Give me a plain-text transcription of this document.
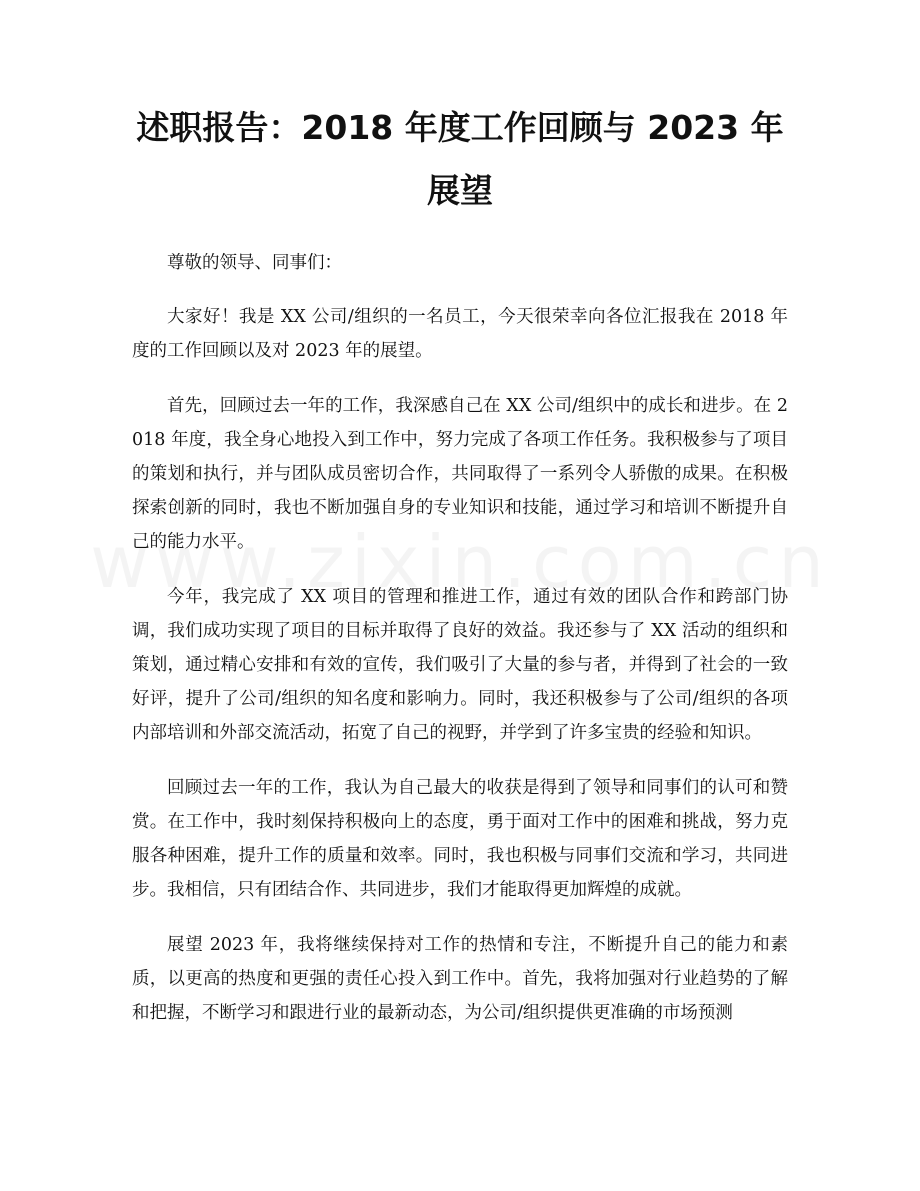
述职报告：2018 年度工作回顾与 2023 年展望

尊敬的领导、同事们：

大家好！我是 XX 公司/组织的一名员工，今天很荣幸向各位汇报我在 2018 年度的工作回顾以及对 2023 年的展望。

首先，回顾过去一年的工作，我深感自己在 XX 公司/组织中的成长和进步。在 2018 年度，我全身心地投入到工作中，努力完成了各项工作任务。我积极参与了项目的策划和执行，并与团队成员密切合作，共同取得了一系列令人骄傲的成果。在积极探索创新的同时，我也不断加强自身的专业知识和技能，通过学习和培训不断提升自己的能力水平。

今年，我完成了 XX 项目的管理和推进工作，通过有效的团队合作和跨部门协调，我们成功实现了项目的目标并取得了良好的效益。我还参与了 XX 活动的组织和策划，通过精心安排和有效的宣传，我们吸引了大量的参与者，并得到了社会的一致好评，提升了公司/组织的知名度和影响力。同时，我还积极参与了公司/组织的各项内部培训和外部交流活动，拓宽了自己的视野，并学到了许多宝贵的经验和知识。

回顾过去一年的工作，我认为自己最大的收获是得到了领导和同事们的认可和赞赏。在工作中，我时刻保持积极向上的态度，勇于面对工作中的困难和挑战，努力克服各种困难，提升工作的质量和效率。同时，我也积极与同事们交流和学习，共同进步。我相信，只有团结合作、共同进步，我们才能取得更加辉煌的成就。

展望 2023 年，我将继续保持对工作的热情和专注，不断提升自己的能力和素质，以更高的热度和更强的责任心投入到工作中。首先，我将加强对行业趋势的了解和把握，不断学习和跟进行业的最新动态，为公司/组织提供更准确的市场预测
